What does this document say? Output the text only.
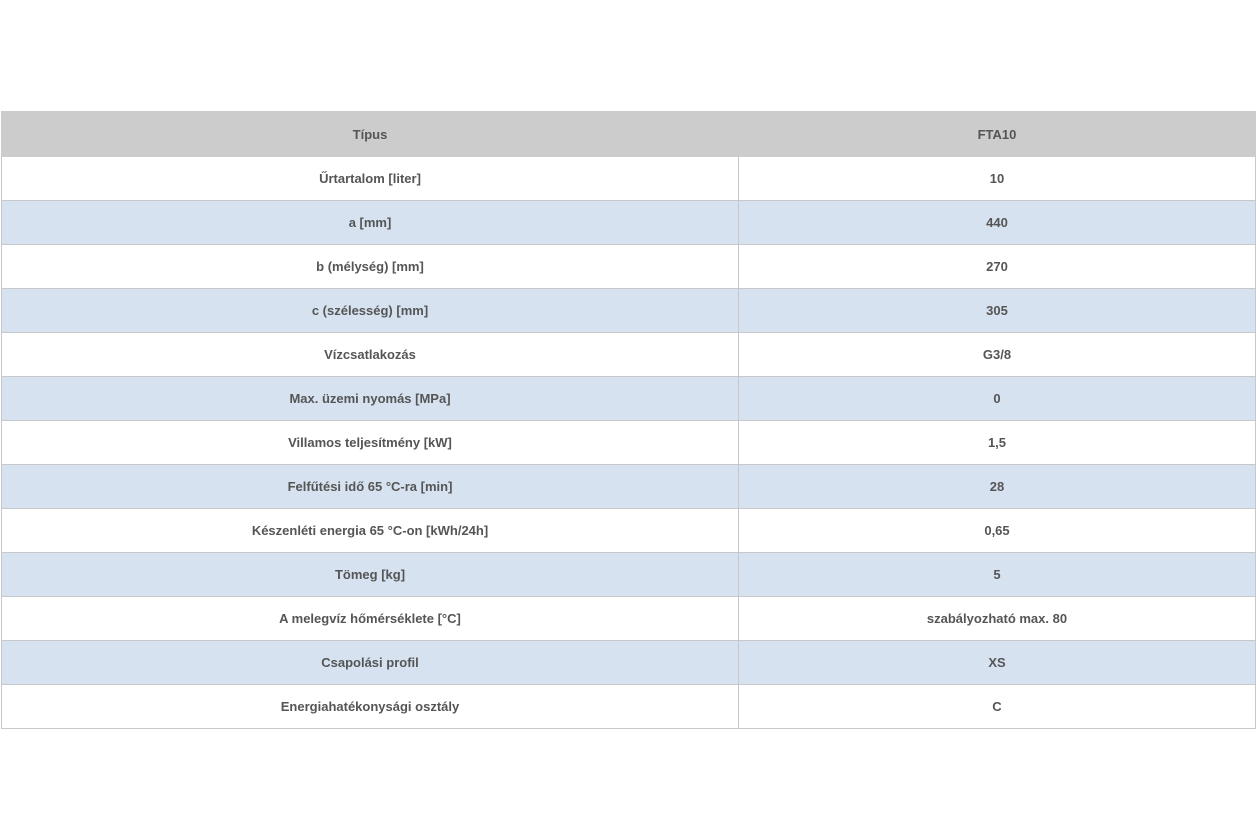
Típus	FTA10
Űrtartalom [liter]	10
a [mm]	440
b (mélység) [mm]	270
c (szélesség) [mm]	305
Vízcsatlakozás	G3/8
Max. üzemi nyomás [MPa]	0
Villamos teljesítmény [kW]	1,5
Felfűtési idő 65 °C-ra [min]	28
Készenléti energia 65 °C-on [kWh/24h]	0,65
Tömeg [kg]	5
A melegvíz hőmérséklete [°C]	szabályozható max. 80
Csapolási profil	XS
Energiahatékonysági osztály	C
